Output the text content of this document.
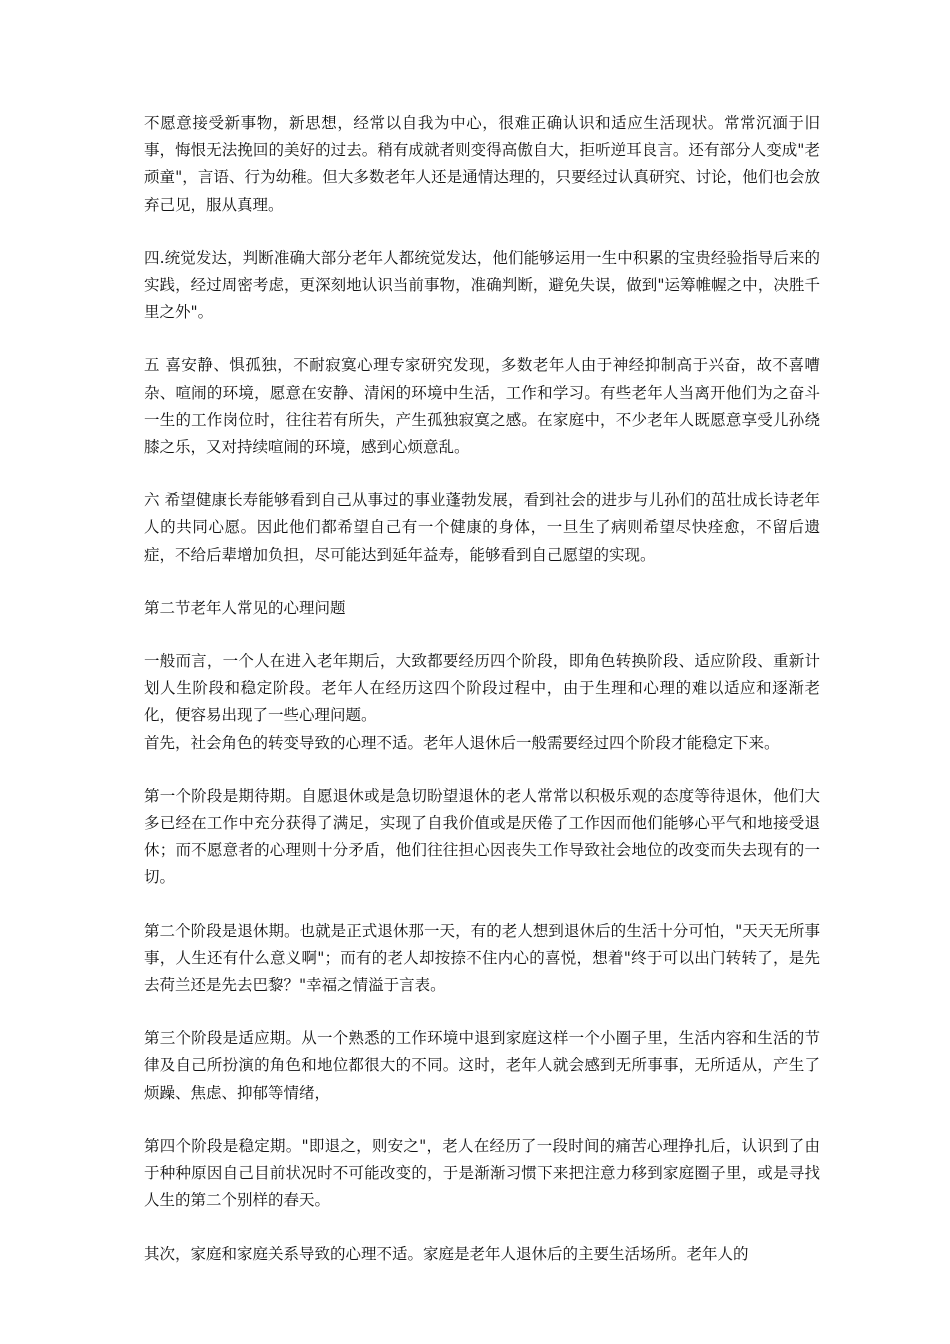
不愿意接受新事物，新思想，经常以自我为中心，很难正确认识和适应生活现状。常常沉湎于旧事，悔恨无法挽回的美好的过去。稍有成就者则变得高傲自大，拒听逆耳良言。还有部分人变成"老顽童"，言语、行为幼稚。但大多数老年人还是通情达理的，只要经过认真研究、讨论，他们也会放弃己见，服从真理。

四.统觉发达，判断准确大部分老年人都统觉发达，他们能够运用一生中积累的宝贵经验指导后来的实践，经过周密考虑，更深刻地认识当前事物，准确判断，避免失误，做到"运筹帷幄之中，决胜千里之外"。

五 喜安静、惧孤独，不耐寂寞心理专家研究发现，多数老年人由于神经抑制高于兴奋，故不喜嘈杂、喧闹的环境，愿意在安静、清闲的环境中生活，工作和学习。有些老年人当离开他们为之奋斗一生的工作岗位时，往往若有所失，产生孤独寂寞之感。在家庭中，不少老年人既愿意享受儿孙绕膝之乐，又对持续喧闹的环境，感到心烦意乱。

六 希望健康长寿能够看到自己从事过的事业蓬勃发展，看到社会的进步与儿孙们的茁壮成长诗老年人的共同心愿。因此他们都希望自己有一个健康的身体，一旦生了病则希望尽快痊愈，不留后遗症，不给后辈增加负担，尽可能达到延年益寿，能够看到自己愿望的实现。

第二节老年人常见的心理问题

一般而言，一个人在进入老年期后，大致都要经历四个阶段，即角色转换阶段、适应阶段、重新计划人生阶段和稳定阶段。老年人在经历这四个阶段过程中，由于生理和心理的难以适应和逐渐老化，便容易出现了一些心理问题。

首先，社会角色的转变导致的心理不适。老年人退休后一般需要经过四个阶段才能稳定下来。

第一个阶段是期待期。自愿退休或是急切盼望退休的老人常常以积极乐观的态度等待退休，他们大多已经在工作中充分获得了满足，实现了自我价值或是厌倦了工作因而他们能够心平气和地接受退休；而不愿意者的心理则十分矛盾，他们往往担心因丧失工作导致社会地位的改变而失去现有的一切。

第二个阶段是退休期。也就是正式退休那一天，有的老人想到退休后的生活十分可怕，"天天无所事事，人生还有什么意义啊"；而有的老人却按捺不住内心的喜悦，想着"终于可以出门转转了，是先去荷兰还是先去巴黎？"幸福之情溢于言表。

第三个阶段是适应期。从一个熟悉的工作环境中退到家庭这样一个小圈子里，生活内容和生活的节律及自己所扮演的角色和地位都很大的不同。这时，老年人就会感到无所事事，无所适从，产生了烦躁、焦虑、抑郁等情绪，

第四个阶段是稳定期。"即退之，则安之"，老人在经历了一段时间的痛苦心理挣扎后，认识到了由于种种原因自己目前状况时不可能改变的，于是渐渐习惯下来把注意力移到家庭圈子里，或是寻找人生的第二个别样的春天。

其次，家庭和家庭关系导致的心理不适。家庭是老年人退休后的主要生活场所。老年人的
